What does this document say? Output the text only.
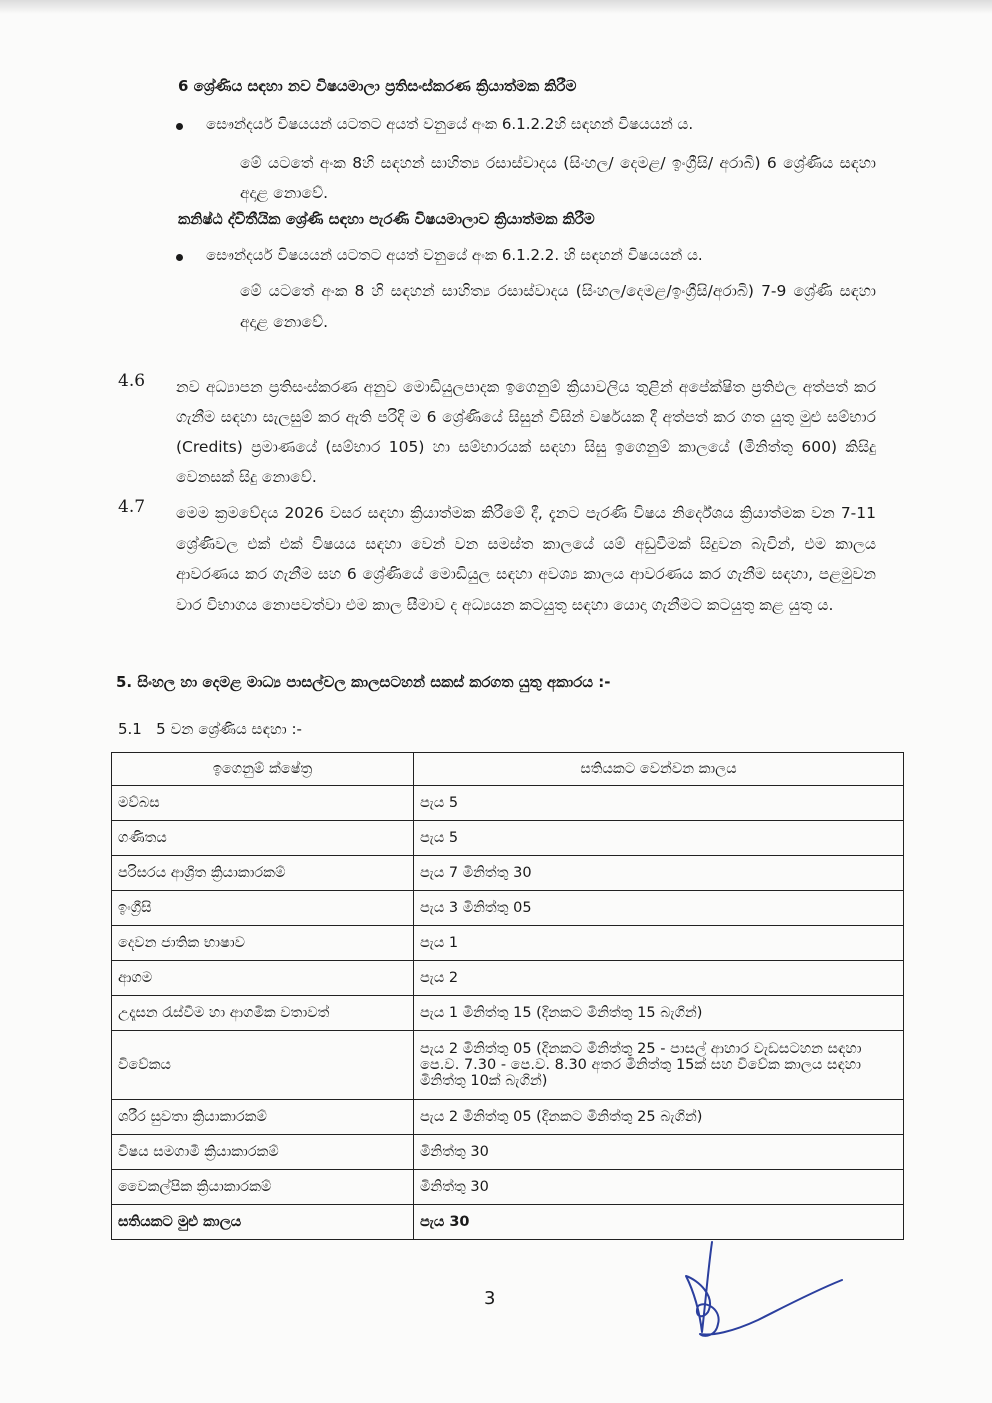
6 ශ්‍රේණිය සඳහා නව විෂයමාලා ප්‍රතිසංස්කරණ ක්‍රියාත්මක කිරීම
සෞන්දර්ය විෂයයන් යටතට අයත් වනුයේ අංක 6.1.2.2හි සඳහන් විෂයයන් ය.

මේ යටතේ අංක 8හි සඳහන් සාහිත්‍ය රසාස්වාදය (සිංහල/ දෙමළ/ ඉංග්‍රීසි/ අරාබි) 6 ශ්‍රේණිය සඳහා අදාළ නොවේ.

කනිෂ්ඨ ද්විතීයික ශ්‍රේණි සඳහා පැරණි විෂයමාලාව ක්‍රියාත්මක කිරීම
සෞන්දර්ය විෂයයන් යටතට අයත් වනුයේ අංක 6.1.2.2. හි සඳහන් විෂයයන් ය.

මේ යටතේ අංක 8 හි සඳහන් සාහිත්‍ය රසාස්වාදය (සිංහල/දෙමළ/ඉංග්‍රීසි/අරාබි) 7-9 ශ්‍රේණි සඳහා අදාළ නොවේ.

4.6 නව අධ්‍යාපන ප්‍රතිසංස්කරණ අනුව මොඩියුලපාදක ඉගෙනුම් ක්‍රියාවලිය තුළින් අපේක්ෂිත ප්‍රතිඵල අත්පත් කර ගැනීම සඳහා සැලසුම් කර ඇති පරිදි ම 6 ශ්‍රේණියේ සිසුන් විසින් වර්ෂයක දී අත්පත් කර ගත යුතු මුළු සම්භාර (Credits) ප්‍රමාණයේ (සම්භාර 105) හා සම්භාරයක් සඳහා සිසු ඉගෙනුම් කාලයේ (මිනිත්තු 600) කිසිදු වෙනසක් සිදු නොවේ.

4.7 මෙම ක්‍රමවේදය 2026 වසර සඳහා ක්‍රියාත්මක කිරීමේ දී, දැනට පැරණි විෂය නිර්දේශය ක්‍රියාත්මක වන 7-11 ශ්‍රේණිවල එක් එක් විෂයය සඳහා වෙන් වන සමස්ත කාලයේ යම් අඩුවීමක් සිදුවන බැවින්, එම කාලය ආවරණය කර ගැනීම සහ 6 ශ්‍රේණියේ මොඩියුල සඳහා අවශ්‍ය කාලය ආවරණය කර ගැනීම සඳහා, පළමුවන වාර විභාගය නොපවත්වා එම කාල සීමාව ද අධ්‍යයන කටයුතු සඳහා යොදා ගැනීමට කටයුතු කළ යුතු ය.

5. සිංහල හා දෙමළ මාධ්‍ය පාසල්වල කාලසටහන් සකස් කරගත යුතු අකාරය :-
5.1   5 වන ශ්‍රේණිය සඳහා :-
ඉගෙනුම් ක්ෂේත්‍ර	සතියකට වෙන්වන කාලය
මව්බස	පැය 5
ගණිතය	පැය 5
පරිසරය ආශ්‍රිත ක්‍රියාකාරකම්	පැය 7 මිනිත්තු 30
ඉංග්‍රීසි	පැය 3 මිනිත්තු 05
දෙවන ජාතික භාෂාව	පැය 1
ආගම	පැය 2
උදෑසන රැස්වීම හා ආගමික වතාවත්	පැය 1 මිනිත්තු 15 (දිනකට මිනිත්තු 15 බැගින්)
විවේකය	පැය 2 මිනිත්තු 05 (දිනකට මිනිත්තු 25 - පාසල් ආහාර වැඩසටහන සඳහා පෙ.ව. 7.30 - පෙ.ව. 8.30 අතර මිනිත්තු 15ක් සහ විවේක කාලය සඳහා මිනිත්තු 10ක් බැගින්)
ශරීර සුවතා ක්‍රියාකාරකම්	පැය 2 මිනිත්තු 05 (දිනකට මිනිත්තු 25 බැගින්)
විෂය සමගාමී ක්‍රියාකාරකම්	මිනිත්තු 30
වෛකල්පික ක්‍රියාකාරකම්	මිනිත්තු 30
සතියකට මුළු කාලය	පැය 30
3
